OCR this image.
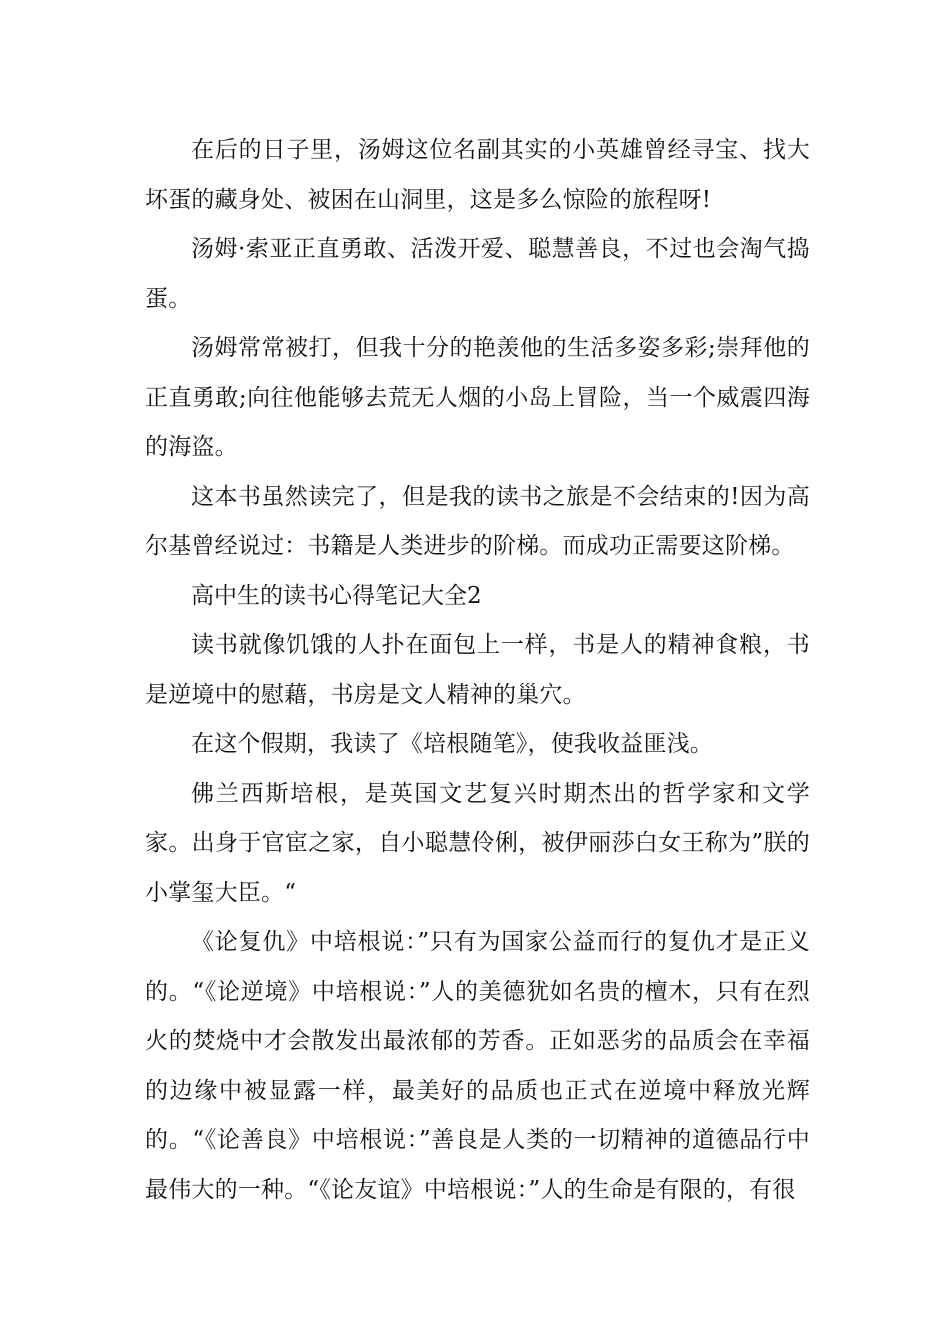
在后的日子里，汤姆这位名副其实的小英雄曾经寻宝、找大坏蛋的藏身处、被困在山洞里，这是多么惊险的旅程呀!

汤姆·索亚正直勇敢、活泼开爱、聪慧善良，不过也会淘气捣蛋。

汤姆常常被打，但我十分的艳羡他的生活多姿多彩;崇拜他的正直勇敢;向往他能够去荒无人烟的小岛上冒险，当一个威震四海的海盗。

这本书虽然读完了，但是我的读书之旅是不会结束的!因为高尔基曾经说过：书籍是人类进步的阶梯。而成功正需要这阶梯。

高中生的读书心得笔记大全2

读书就像饥饿的人扑在面包上一样，书是人的精神食粮，书是逆境中的慰藉，书房是文人精神的巢穴。

在这个假期，我读了《培根随笔》，使我收益匪浅。

佛兰西斯培根，是英国文艺复兴时期杰出的哲学家和文学家。出身于官宦之家，自小聪慧伶俐，被伊丽莎白女王称为”朕的小掌玺大臣。“

《论复仇》中培根说：”只有为国家公益而行的复仇才是正义的。“《论逆境》中培根说：”人的美德犹如名贵的檀木，只有在烈火的焚烧中才会散发出最浓郁的芳香。正如恶劣的品质会在幸福的边缘中被显露一样，最美好的品质也正式在逆境中释放光辉的。“《论善良》中培根说：”善良是人类的一切精神的道德品行中最伟大的一种。“《论友谊》中培根说：”人的生命是有限的，有很
